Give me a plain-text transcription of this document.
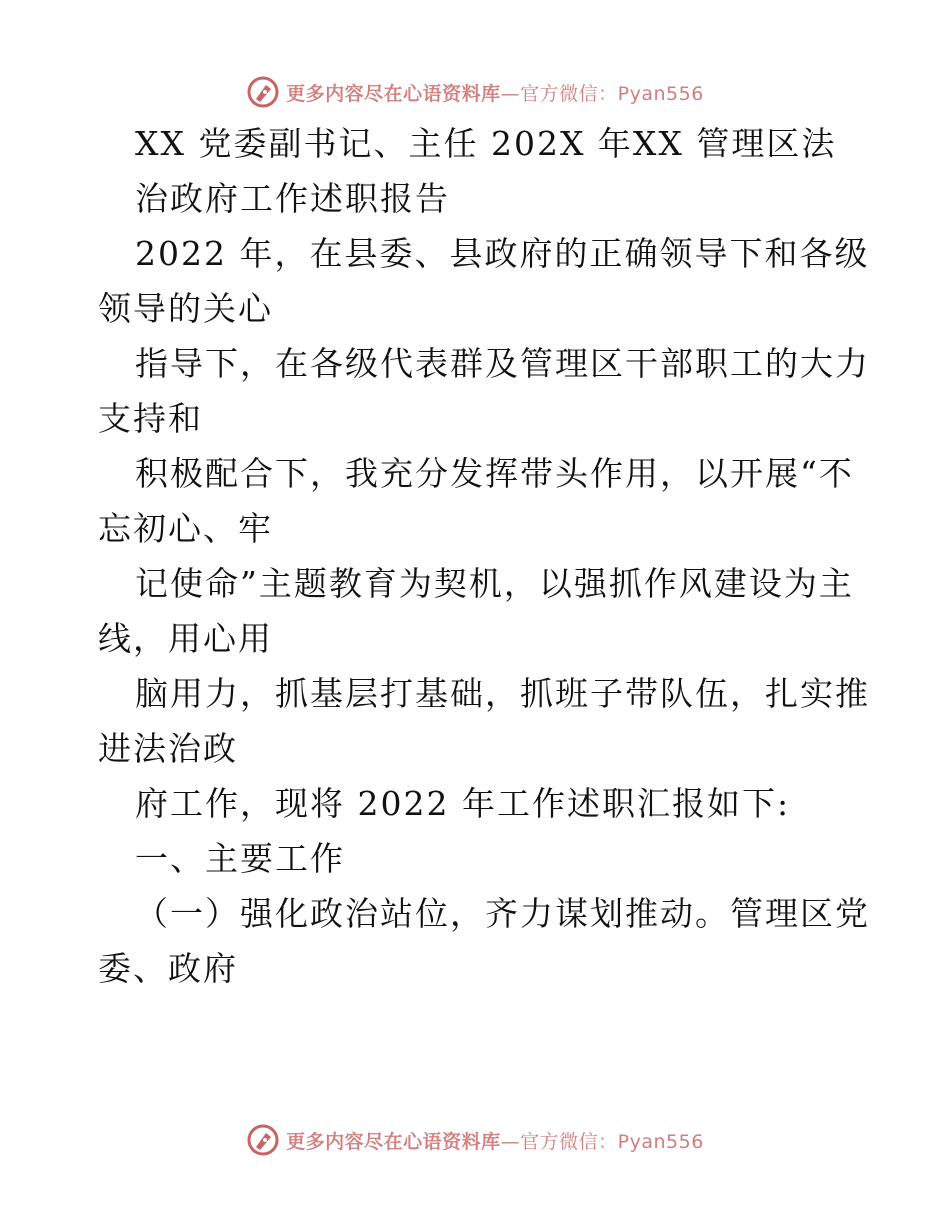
更多内容尽在心语资料库—官方微信：Pyan556
XX 党委副书记、主任 202X 年XX 管理区法
治政府工作述职报告
2022 年，在县委、县政府的正确领导下和各级
领导的关心
指导下，在各级代表群及管理区干部职工的大力
支持和
积极配合下，我充分发挥带头作用，以开展“不
忘初心、牢
记使命”主题教育为契机，以强抓作风建设为主
线，用心用
脑用力，抓基层打基础，抓班子带队伍，扎实推
进法治政
府工作，现将 2022 年工作述职汇报如下:
一、主要工作
（一）强化政治站位，齐力谋划推动。管理区党
委、政府
更多内容尽在心语资料库—官方微信：Pyan556
